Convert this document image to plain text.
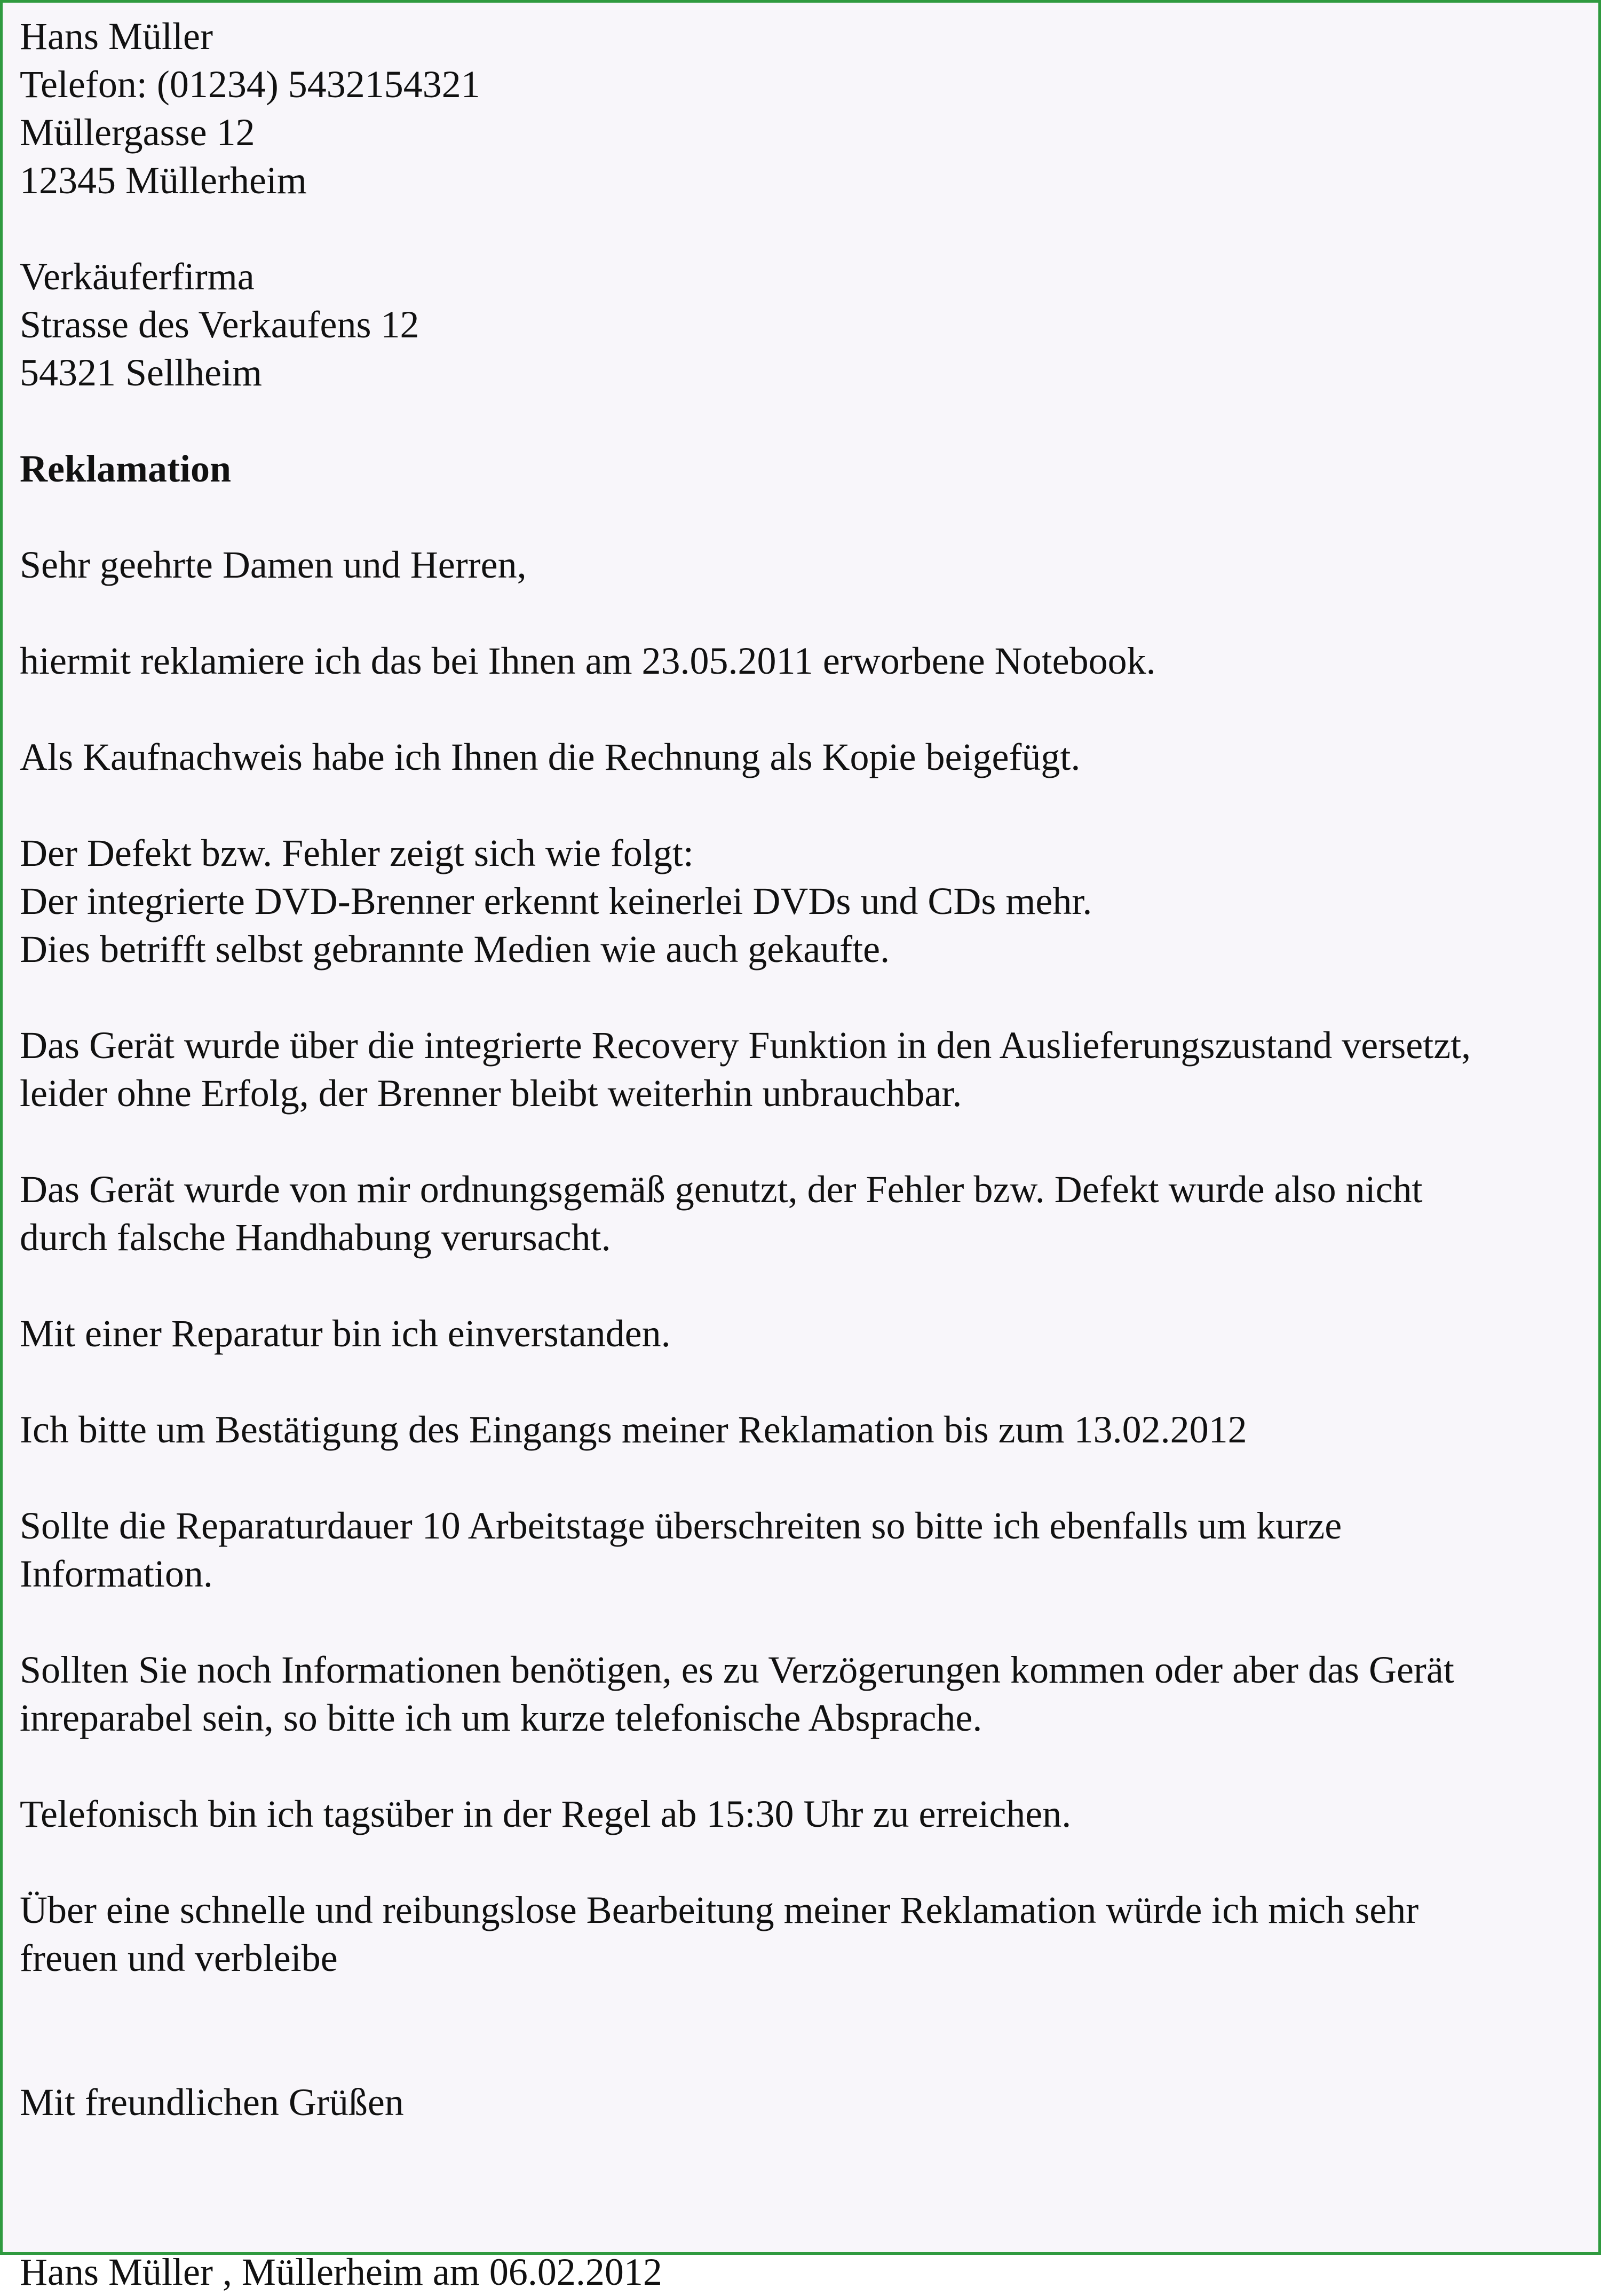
Hans Müller
Telefon: (01234) 5432154321
Müllergasse 12
12345 Müllerheim
Verkäuferfirma
Strasse des Verkaufens 12
54321 Sellheim
Reklamation
Sehr geehrte Damen und Herren,
hiermit reklamiere ich das bei Ihnen am 23.05.2011 erworbene Notebook.
Als Kaufnachweis habe ich Ihnen die Rechnung als Kopie beigefügt.
Der Defekt bzw. Fehler zeigt sich wie folgt:
Der integrierte DVD-Brenner erkennt keinerlei DVDs und CDs mehr.
Dies betrifft selbst gebrannte Medien wie auch gekaufte.
Das Gerät wurde über die integrierte Recovery Funktion in den Auslieferungszustand versetzt,
leider ohne Erfolg, der Brenner bleibt weiterhin unbrauchbar.
Das Gerät wurde von mir ordnungsgemäß genutzt, der Fehler bzw. Defekt wurde also nicht
durch falsche Handhabung verursacht.
Mit einer Reparatur bin ich einverstanden.
Ich bitte um Bestätigung des Eingangs meiner Reklamation bis zum 13.02.2012
Sollte die Reparaturdauer 10 Arbeitstage überschreiten so bitte ich ebenfalls um kurze
Information.
Sollten Sie noch Informationen benötigen, es zu Verzögerungen kommen oder aber das Gerät
inreparabel sein, so bitte ich um kurze telefonische Absprache.
Telefonisch bin ich tagsüber in der Regel ab 15:30 Uhr zu erreichen.
Über eine schnelle und reibungslose Bearbeitung meiner Reklamation würde ich mich sehr
freuen und verbleibe
Mit freundlichen Grüßen
Hans Müller , Müllerheim am 06.02.2012
